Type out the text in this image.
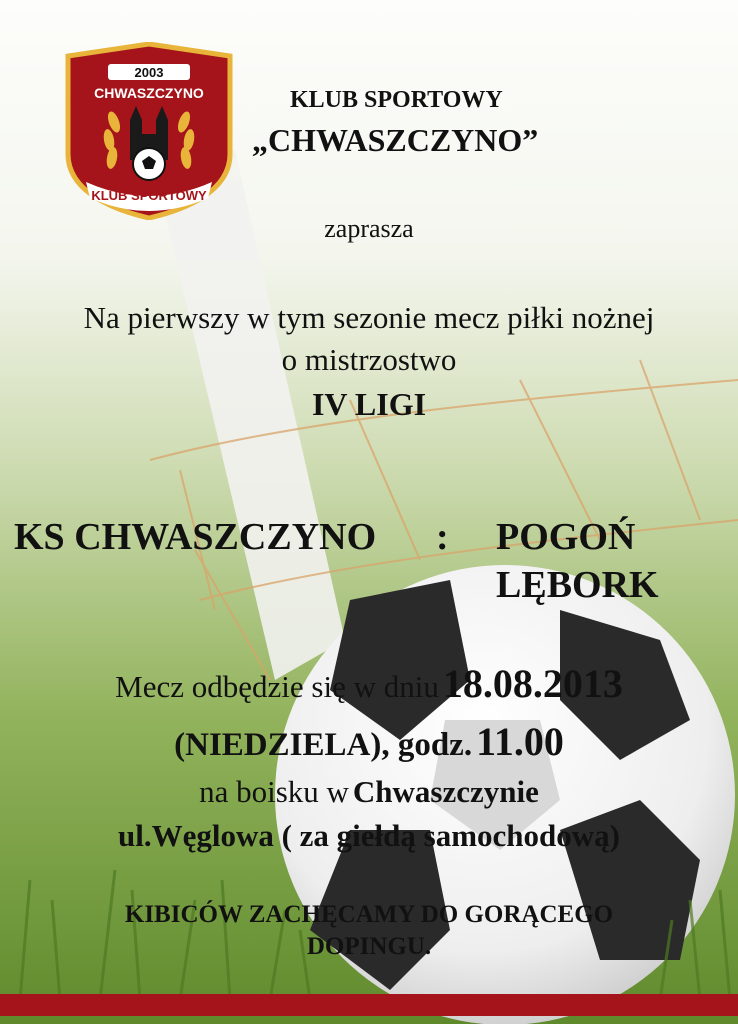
2003
CHWASZCZYNO
KLUB SPORTOWY
KLUB SPORTOWY
„CHWASZCZYNO”
zaprasza
Na pierwszy w tym sezonie mecz piłki nożnej
o mistrzostwo
IV LIGI
KS CHWASZCZYNO : POGOŃ
LĘBORK
Mecz odbędzie się w dniu 18.08.2013
(NIEDZIELA), godz. 11.00
na boisku w Chwaszczynie
ul.Węglowa ( za giełdą samochodową)
KIBICÓW ZACHĘCAMY DO GORĄCEGO
DOPINGU.
